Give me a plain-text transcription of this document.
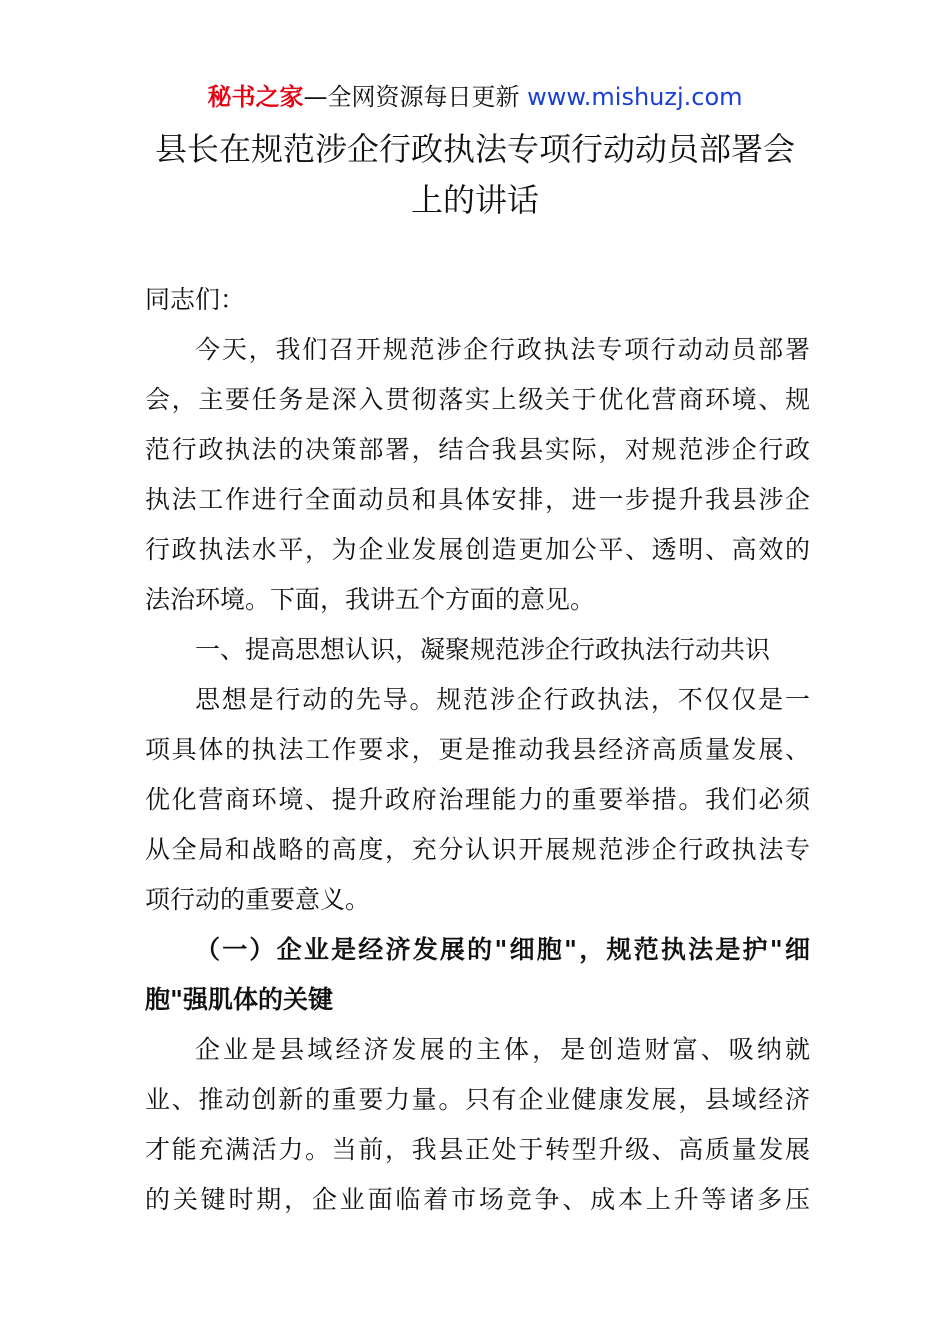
秘书之家—全网资源每日更新 www.mishuzj.com
县长在规范涉企行政执法专项行动动员部署会
上的讲话
同志们：
今天，我们召开规范涉企行政执法专项行动动员部署
会，主要任务是深入贯彻落实上级关于优化营商环境、规
范行政执法的决策部署，结合我县实际，对规范涉企行政
执法工作进行全面动员和具体安排，进一步提升我县涉企
行政执法水平，为企业发展创造更加公平、透明、高效的
法治环境。下面，我讲五个方面的意见。
一、提高思想认识，凝聚规范涉企行政执法行动共识
思想是行动的先导。规范涉企行政执法，不仅仅是一
项具体的执法工作要求，更是推动我县经济高质量发展、
优化营商环境、提升政府治理能力的重要举措。我们必须
从全局和战略的高度，充分认识开展规范涉企行政执法专
项行动的重要意义。
（一）企业是经济发展的"细胞"，规范执法是护"细
胞"强肌体的关键
企业是县域经济发展的主体，是创造财富、吸纳就
业、推动创新的重要力量。只有企业健康发展，县域经济
才能充满活力。当前，我县正处于转型升级、高质量发展
的关键时期，企业面临着市场竞争、成本上升等诸多压
